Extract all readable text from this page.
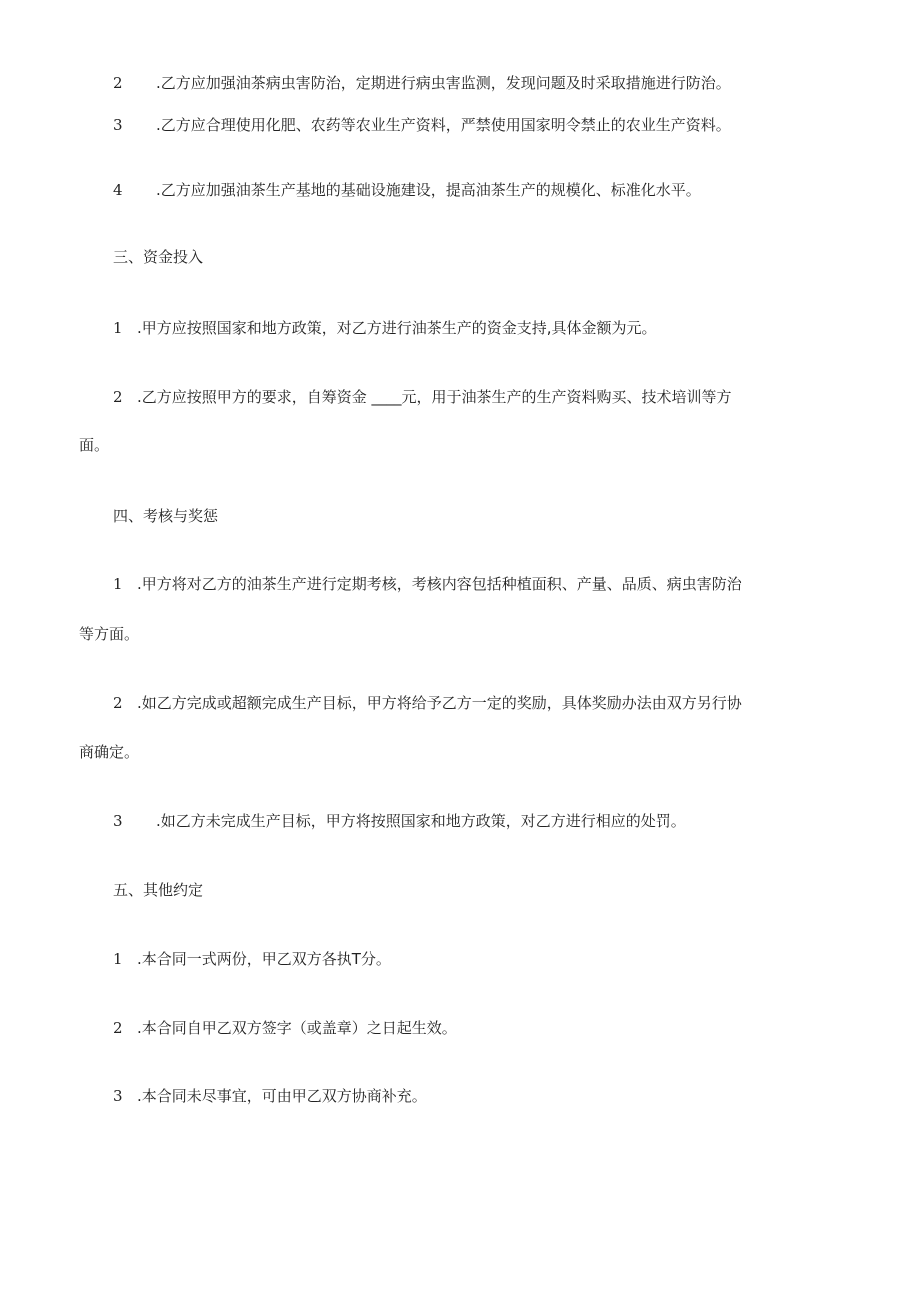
2 .乙方应加强油茶病虫害防治，定期进行病虫害监测，发现问题及时采取措施进行防治。
3 .乙方应合理使用化肥、农药等农业生产资料，严禁使用国家明令禁止的农业生产资料。
4 .乙方应加强油茶生产基地的基础设施建设，提高油茶生产的规模化、标准化水平。
三、资金投入
1 .甲方应按照国家和地方政策，对乙方进行油茶生产的资金支持,具体金额为元。
2 .乙方应按照甲方的要求，自筹资金 ____元，用于油茶生产的生产资料购买、技术培训等方
面。
四、考核与奖惩
1 .甲方将对乙方的油茶生产进行定期考核，考核内容包括种植面积、产量、品质、病虫害防治
等方面。
2 .如乙方完成或超额完成生产目标，甲方将给予乙方一定的奖励，具体奖励办法由双方另行协
商确定。
3 .如乙方未完成生产目标，甲方将按照国家和地方政策，对乙方进行相应的处罚。
五、其他约定
1 .本合同一式两份，甲乙双方各执T分。
2 .本合同自甲乙双方签字（或盖章）之日起生效。
3 .本合同未尽事宜，可由甲乙双方协商补充。
